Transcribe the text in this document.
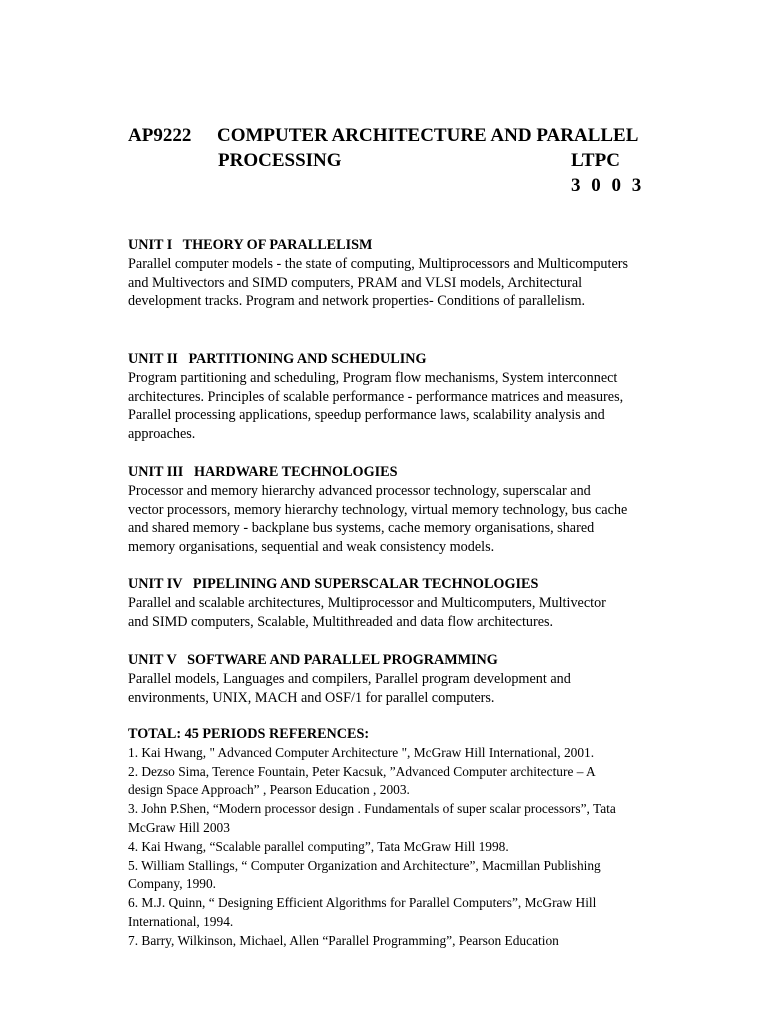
AP9222 COMPUTER ARCHITECTURE AND PARALLEL
PROCESSING	LTPC
3 0 0 3
UNIT I   THEORY OF PARALLELISM
Parallel computer models - the state of computing, Multiprocessors and Multicomputers and Multivectors and SIMD computers, PRAM and VLSI models, Architectural development tracks. Program and network properties- Conditions of parallelism.
UNIT II   PARTITIONING AND SCHEDULING
Program partitioning and scheduling, Program flow mechanisms, System interconnect architectures. Principles of scalable performance - performance matrices and measures, Parallel processing applications, speedup performance laws, scalability analysis and approaches.
UNIT III   HARDWARE TECHNOLOGIES
Processor and memory hierarchy advanced processor technology, superscalar and vector processors, memory hierarchy technology, virtual memory technology, bus cache and shared memory - backplane bus systems, cache memory organisations, shared memory organisations, sequential and weak consistency models.
UNIT IV   PIPELINING AND SUPERSCALAR TECHNOLOGIES
Parallel and scalable architectures, Multiprocessor and Multicomputers, Multivector and SIMD computers, Scalable, Multithreaded and data flow architectures.
UNIT V   SOFTWARE AND PARALLEL PROGRAMMING
Parallel models, Languages and compilers, Parallel program development and environments, UNIX, MACH and OSF/1 for parallel computers.
TOTAL: 45 PERIODS REFERENCES:
1. Kai Hwang, " Advanced Computer Architecture ", McGraw Hill International, 2001.
2. Dezso Sima, Terence Fountain, Peter Kacsuk, ”Advanced Computer architecture – A design Space Approach” , Pearson Education , 2003.
3. John P.Shen, “Modern processor design . Fundamentals of super scalar processors”, Tata McGraw Hill 2003
4. Kai Hwang, “Scalable parallel computing”, Tata McGraw Hill 1998.
5. William Stallings, “ Computer Organization and Architecture”, Macmillan Publishing Company, 1990.
6. M.J. Quinn, “ Designing Efficient Algorithms for Parallel Computers”, McGraw Hill International, 1994.
7. Barry, Wilkinson, Michael, Allen “Parallel Programming”, Pearson Education
